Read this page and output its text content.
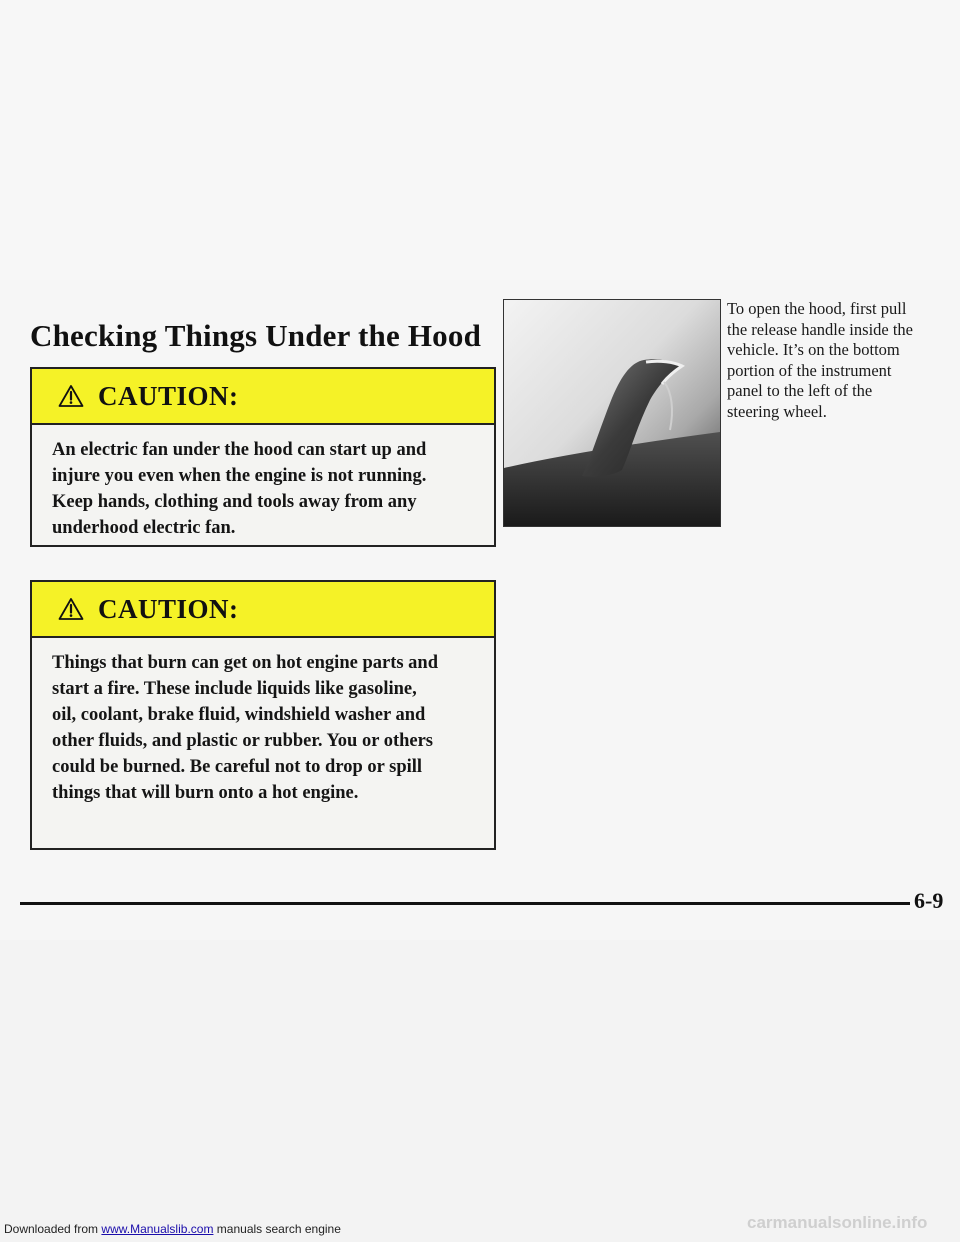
Checking Things Under the Hood
CAUTION:
An electric fan under the hood can start up and
injure you even when the engine is not running.
Keep hands, clothing and tools away from any
underhood electric fan.
CAUTION:
Things that burn can get on hot engine parts and
start a fire. These include liquids like gasoline,
oil, coolant, brake fluid, windshield washer and
other fluids, and plastic or rubber. You or others
could be burned. Be careful not to drop or spill
things that will burn onto a hot engine.
To open the hood, first pull
the release handle inside the
vehicle. It’s on the bottom
portion of the instrument
panel to the left of the
steering wheel.
6-9
Downloaded from www.Manualslib.com manuals search engine	carmanualsonline.info
